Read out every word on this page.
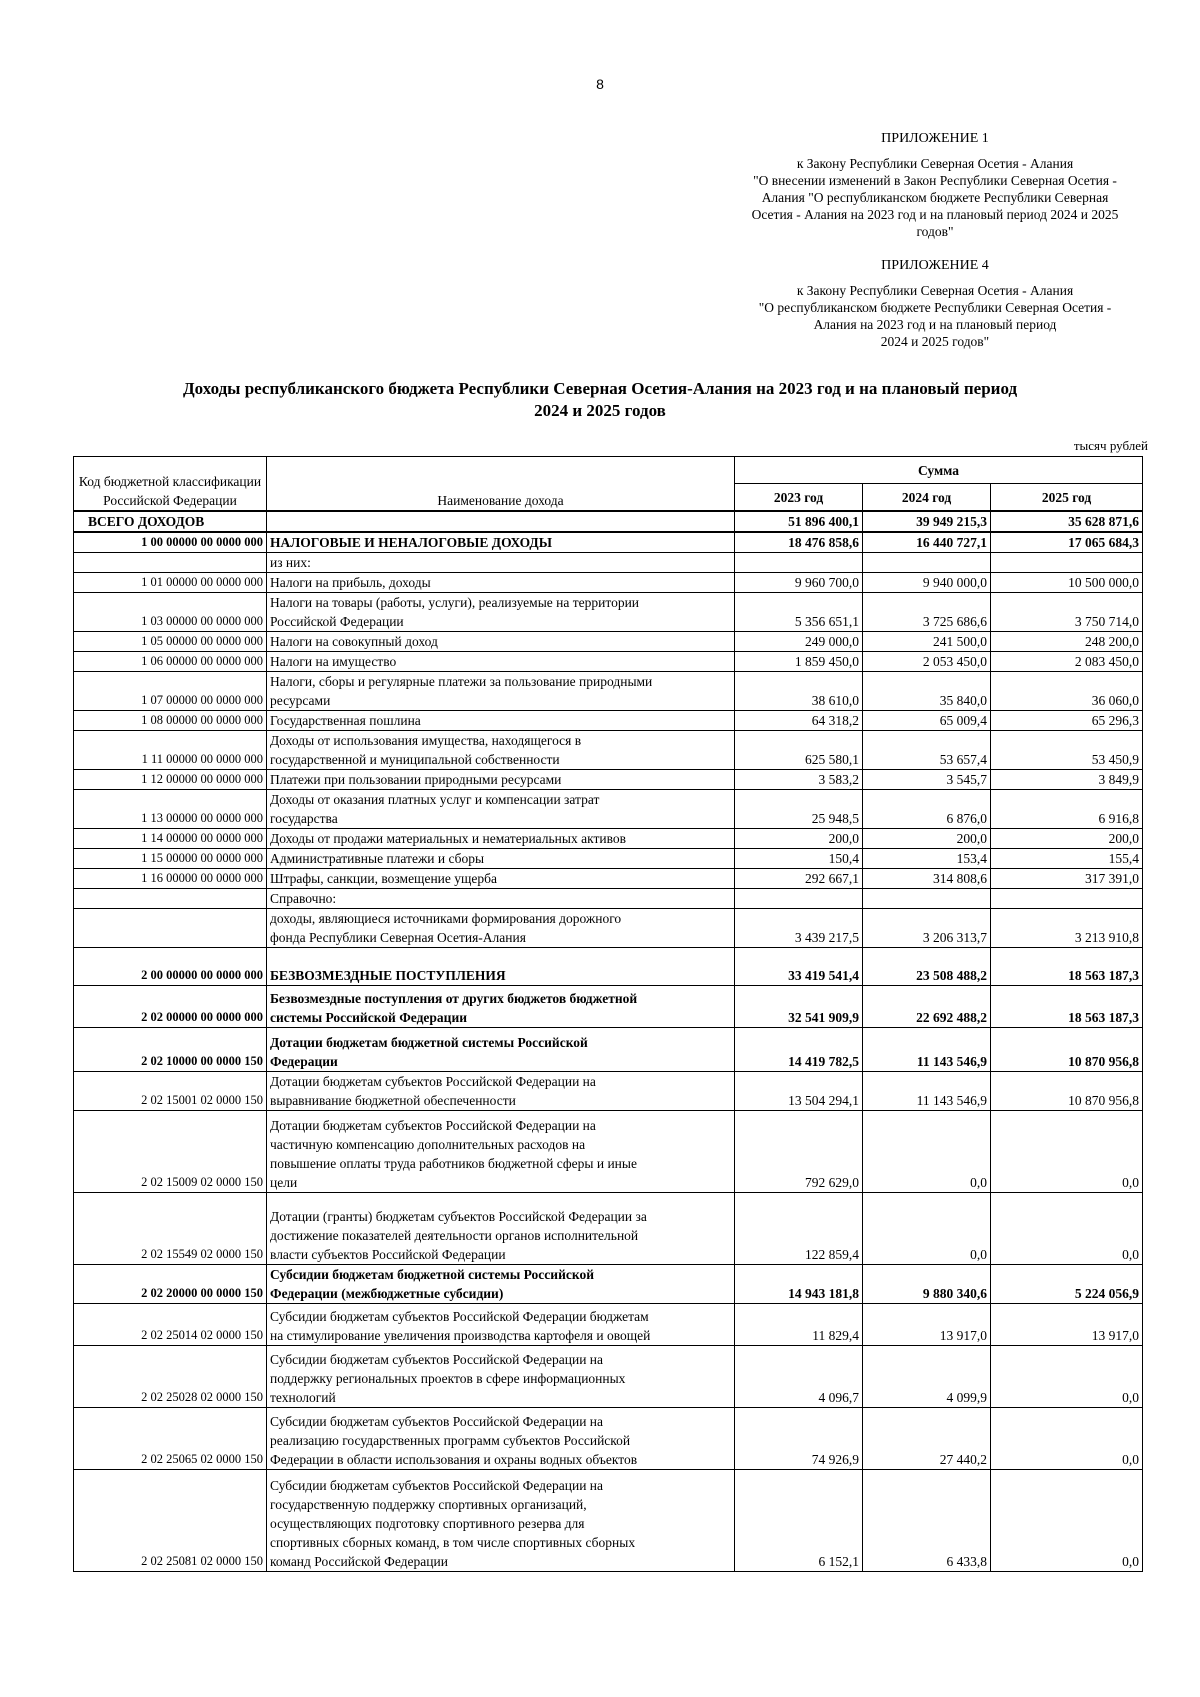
8
ПРИЛОЖЕНИЕ 1
к Закону Республики Северная Осетия - Алания
"О внесении изменений в Закон Республики Северная Осетия -
Алания "О республиканском бюджете Республики Северная
Осетия - Алания на 2023 год и на плановый период 2024 и 2025
годов"
ПРИЛОЖЕНИЕ 4
к Закону Республики Северная Осетия - Алания
"О республиканском бюджете Республики Северная Осетия -
Алания на 2023 год и на плановый период
2024 и 2025 годов"
Доходы республиканского бюджета Республики Северная Осетия-Алания на 2023 год и на плановый период
2024 и 2025 годов
тысяч рублей
Код бюджетной классификации Российской Федерации	Наименование дохода	Сумма		
		2023 год	2024 год	2025 год
ВСЕГО ДОХОДОВ		51 896 400,1	39 949 215,3	35 628 871,6
1 00 00000 00 0000 000	НАЛОГОВЫЕ И НЕНАЛОГОВЫЕ ДОХОДЫ	18 476 858,6	16 440 727,1	17 065 684,3

	из них:			

1 01 00000 00 0000 000	Налоги на прибыль, доходы	9 960 700,0	9 940 000,0	10 500 000,0
1 03 00000 00 0000 000	Налоги на товары (работы, услуги), реализуемые на территории
Российской Федерации	5 356 651,1	3 725 686,6	3 750 714,0
1 05 00000 00 0000 000	Налоги на совокупный доход	249 000,0	241 500,0	248 200,0
1 06 00000 00 0000 000	Налоги на имущество	1 859 450,0	2 053 450,0	2 083 450,0
1 07 00000 00 0000 000	Налоги, сборы и регулярные платежи за пользование природными
ресурсами	38 610,0	35 840,0	36 060,0
1 08 00000 00 0000 000	Государственная пошлина	64 318,2	65 009,4	65 296,3
1 11 00000 00 0000 000	Доходы от использования имущества, находящегося в
государственной и муниципальной собственности	625 580,1	53 657,4	53 450,9
1 12 00000 00 0000 000	Платежи при пользовании природными ресурсами	3 583,2	3 545,7	3 849,9
1 13 00000 00 0000 000	Доходы от оказания платных услуг и компенсации затрат
государства	25 948,5	6 876,0	6 916,8
1 14 00000 00 0000 000	Доходы от продажи материальных и нематериальных активов	200,0	200,0	200,0
1 15 00000 00 0000 000	Административные платежи и сборы	150,4	153,4	155,4
1 16 00000 00 0000 000	Штрафы, санкции, возмещение ущерба	292 667,1	314 808,6	317 391,0

	Справочно:			

	доходы, являющиеся источниками формирования дорожного
фонда Республики Северная Осетия-Алания	3 439 217,5	3 206 313,7	3 213 910,8
2 00 00000 00 0000 000	БЕЗВОЗМЕЗДНЫЕ ПОСТУПЛЕНИЯ	33 419 541,4	23 508 488,2	18 563 187,3
2 02 00000 00 0000 000	Безвозмездные поступления от других бюджетов бюджетной
системы Российской Федерации	32 541 909,9	22 692 488,2	18 563 187,3
2 02 10000 00 0000 150	Дотации бюджетам бюджетной системы Российской
Федерации	14 419 782,5	11 143 546,9	10 870 956,8
2 02 15001 02 0000 150	Дотации бюджетам субъектов Российской Федерации на
выравнивание бюджетной обеспеченности	13 504 294,1	11 143 546,9	10 870 956,8
2 02 15009 02 0000 150	Дотации бюджетам субъектов Российской Федерации на
частичную компенсацию дополнительных расходов на
повышение оплаты труда работников бюджетной сферы и иные
цели	792 629,0	0,0	0,0
2 02 15549 02 0000 150	Дотации (гранты) бюджетам субъектов Российской Федерации за
достижение показателей деятельности органов исполнительной
власти субъектов Российской Федерации	122 859,4	0,0	0,0
2 02 20000 00 0000 150	Субсидии бюджетам бюджетной системы Российской
Федерации (межбюджетные субсидии)	14 943 181,8	9 880 340,6	5 224 056,9
2 02 25014 02 0000 150	Субсидии бюджетам субъектов Российской Федерации бюджетам
на стимулирование увеличения производства картофеля и овощей	11 829,4	13 917,0	13 917,0
2 02 25028 02 0000 150	Субсидии бюджетам субъектов Российской Федерации на
поддержку региональных проектов в сфере информационных
технологий	4 096,7	4 099,9	0,0
2 02 25065 02 0000 150	Субсидии бюджетам субъектов Российской Федерации на
реализацию государственных программ субъектов Российской
Федерации в области использования и охраны водных объектов	74 926,9	27 440,2	0,0
2 02 25081 02 0000 150	Субсидии бюджетам субъектов Российской Федерации на
государственную поддержку спортивных организаций,
осуществляющих подготовку спортивного резерва для
спортивных сборных команд, в том числе спортивных сборных
команд Российской Федерации	6 152,1	6 433,8	0,0
